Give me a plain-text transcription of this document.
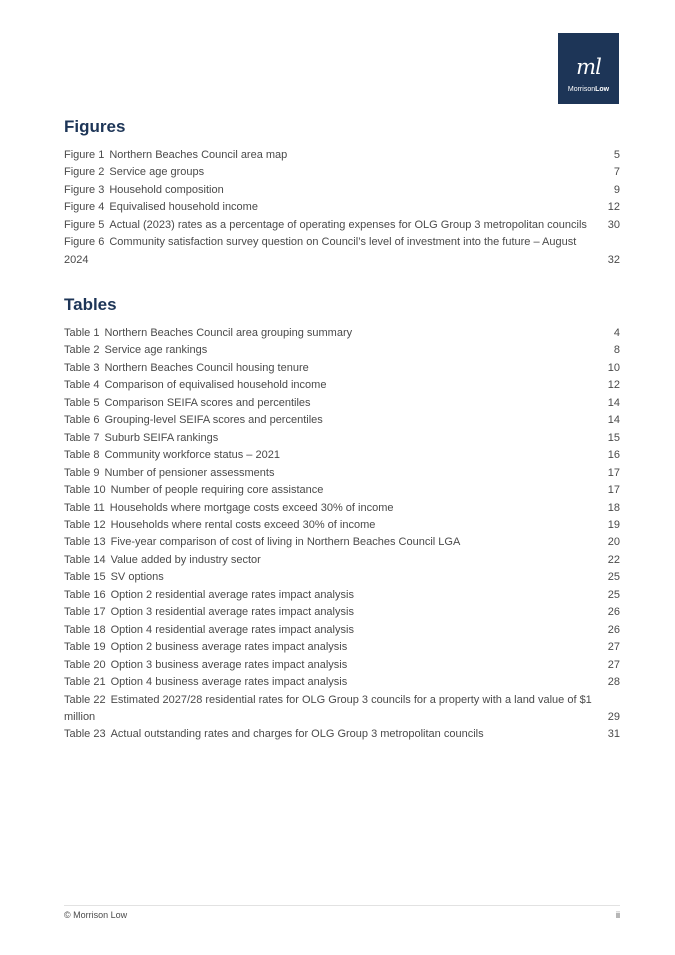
ml
MorrisonLow
Figures
Figure 1 Northern Beaches Council area map	5
Figure 2 Service age groups	7
Figure 3 Household composition	9
Figure 4 Equivalised household income	12
Figure 5 Actual (2023) rates as a percentage of operating expenses for OLG Group 3 metropolitan councils 30
Figure 6 Community satisfaction survey question on Council’s level of investment into the future – August 2024	32
Tables
Table 1 Northern Beaches Council area grouping summary	4
Table 2 Service age rankings	8
Table 3 Northern Beaches Council housing tenure	10
Table 4 Comparison of equivalised household income	12
Table 5 Comparison SEIFA scores and percentiles	14
Table 6 Grouping-level SEIFA scores and percentiles	14
Table 7 Suburb SEIFA rankings	15
Table 8 Community workforce status – 2021	16
Table 9 Number of pensioner assessments	17
Table 10 Number of people requiring core assistance	17
Table 11 Households where mortgage costs exceed 30% of income	18
Table 12 Households where rental costs exceed 30% of income	19
Table 13 Five-year comparison of cost of living in Northern Beaches Council LGA	20
Table 14 Value added by industry sector	22
Table 15 SV options	25
Table 16 Option 2 residential average rates impact analysis	25
Table 17 Option 3 residential average rates impact analysis	26
Table 18 Option 4 residential average rates impact analysis	26
Table 19 Option 2 business average rates impact analysis	27
Table 20 Option 3 business average rates impact analysis	27
Table 21 Option 4 business average rates impact analysis	28
Table 22 Estimated 2027/28 residential rates for OLG Group 3 councils for a property with a land value of $1 million	29
Table 23 Actual outstanding rates and charges for OLG Group 3 metropolitan councils	31
© Morrison Low	ii
